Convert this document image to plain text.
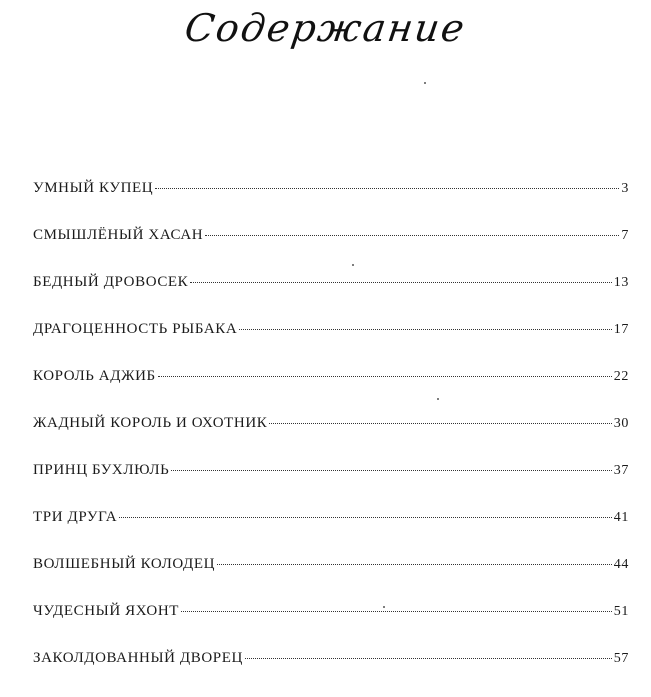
Содержание
УМНЫЙ КУПЕЦ	3
СМЫШЛЁНЫЙ ХАСАН	7
БЕДНЫЙ ДРОВОСЕК	13
ДРАГОЦЕННОСТЬ РЫБАКА	17
КОРОЛЬ АДЖИБ	22
ЖАДНЫЙ КОРОЛЬ И ОХОТНИК	30
ПРИНЦ БУХЛЮЛЬ	37
ТРИ ДРУГА	41
ВОЛШЕБНЫЙ КОЛОДЕЦ	44
ЧУДЕСНЫЙ ЯХОНТ	51
ЗАКОЛДОВАННЫЙ ДВОРЕЦ	57
